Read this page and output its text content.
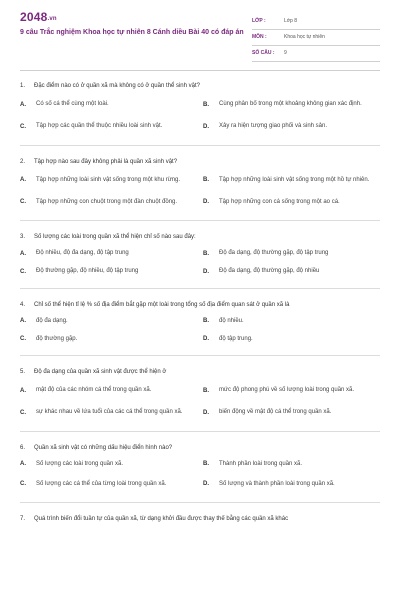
2048.vn
9 câu Trắc nghiệm Khoa học tự nhiên 8 Cánh diều Bài 40 có đáp án
LỚP :	Lớp 8
MÔN :	Khoa học tự nhiên
SỐ CÂU : 9
1. Đặc điểm nào có ở quần xã mà không có ở quần thể sinh vật?
A. Có số cá thể cùng một loài.	B. Cùng phân bố trong một khoảng không gian xác định.
C. Tập hợp các quần thể thuộc nhiều loài sinh vật.	D. Xảy ra hiện tượng giao phối và sinh sản.
2. Tập hợp nào sau đây không phải là quần xã sinh vật?
A. Tập hợp những loài sinh vật sống trong một khu rừng.	B. Tập hợp những loài sinh vật sống trong một hồ tự nhiên.
C. Tập hợp những con chuột trong một đàn chuột đồng.	D. Tập hợp những con cá sống trong một ao cá.
3. Số lượng các loài trong quần xã thể hiện chỉ số nào sau đây:
A. Độ nhiều, độ đa dạng, độ tập trung	B. Độ đa dạng, độ thường gặp, độ tập trung
C. Độ thường gặp, độ nhiều, độ tập trung	D. Độ đa dạng, độ thường gặp, độ nhiều
4. Chỉ số thể hiện tỉ lệ % số địa điểm bắt gặp một loài trong tổng số địa điểm quan sát ở quần xã là
A. độ đa dạng.	B. độ nhiều.
C. độ thường gặp.	D. độ tập trung.
5. Độ đa dạng của quần xã sinh vật được thể hiện ở
A. mật độ của các nhóm cá thể trong quần xã.	B. mức độ phong phú về số lượng loài trong quần xã.
C. sự khác nhau về lứa tuổi của các cá thể trong quần xã.	D. biến động về mật độ cá thể trong quần xã.
6. Quần xã sinh vật có những dấu hiệu điển hình nào?
A. Số lượng các loài trong quần xã.	B. Thành phần loài trong quần xã.
C. Số lượng các cá thể của từng loài trong quần xã.	D. Số lượng và thành phần loài trong quần xã.
7. Quá trình biến đổi tuần tự của quần xã, từ dạng khởi đầu được thay thế bằng các quần xã khác
